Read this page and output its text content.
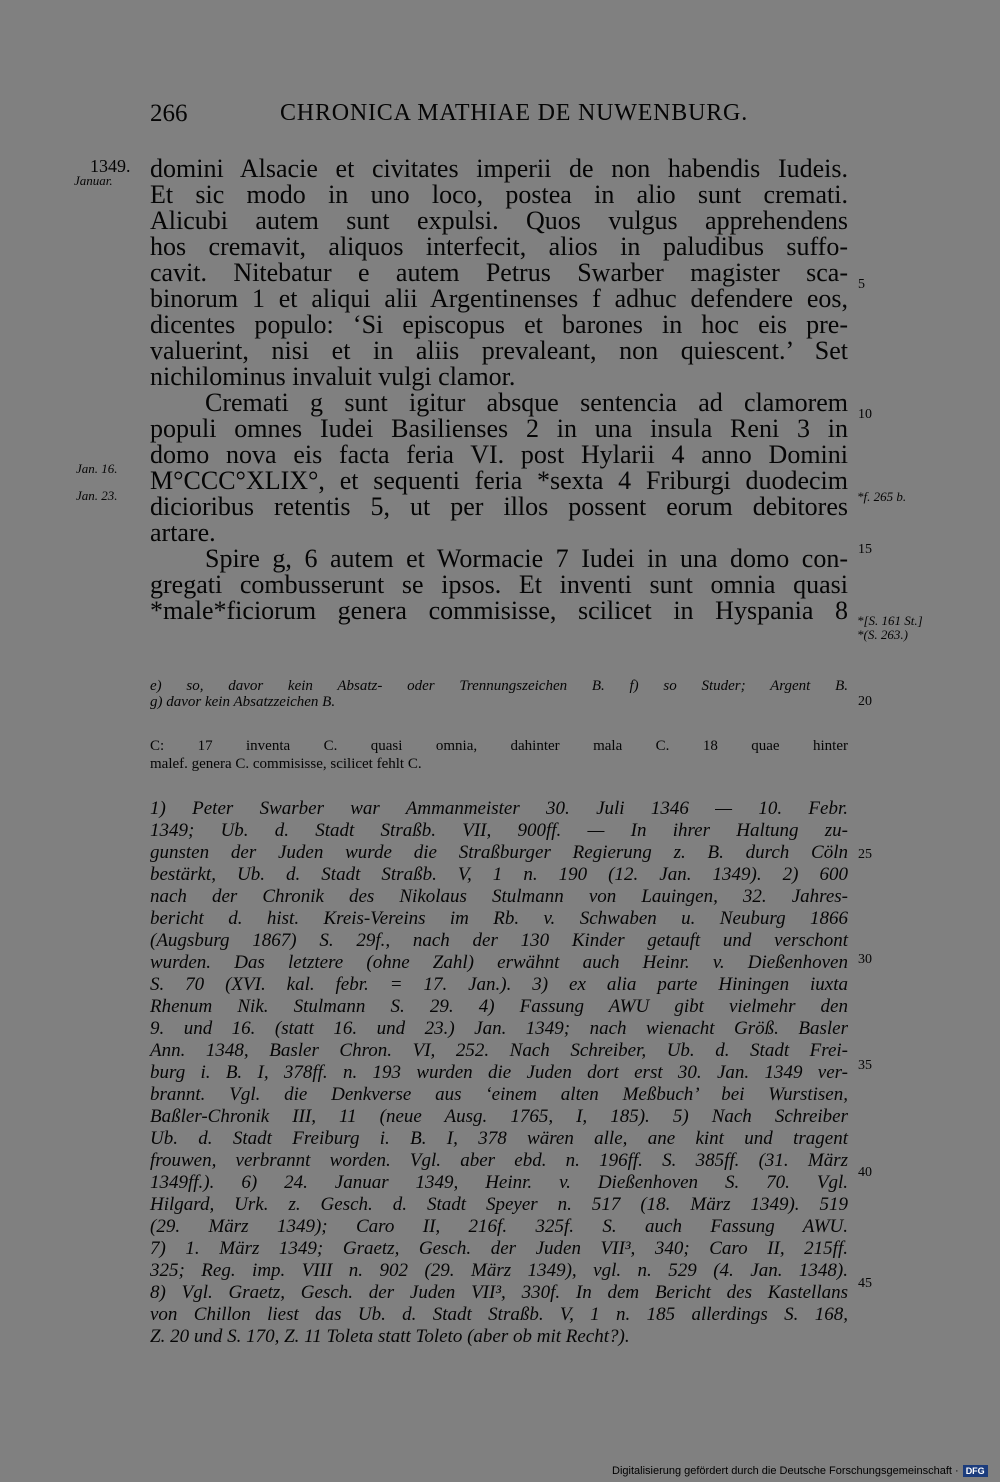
266	CHRONICA MATHIAE DE NUWENBURG.
1349.
Januar.
Jan. 16.
Jan. 23.
domini Alsacie et civitates imperii de non habendis Iudeis.
Et sic modo in uno loco, postea in alio sunt cremati.
Alicubi autem sunt expulsi. Quos vulgus apprehendens
hos cremavit, aliquos interfecit, alios in paludibus suffo-
cavit. Nitebatur e autem Petrus Swarber magister sca-
binorum 1 et aliqui alii Argentinenses f adhuc defendere eos,
dicentes populo: ‘Si episcopus et barones in hoc eis pre-
valuerint, nisi et in aliis prevaleant, non quiescent.’ Set
nichilominus invaluit vulgi clamor.
Cremati g sunt igitur absque sentencia ad clamorem
populi omnes Iudei Basilienses 2 in una insula Reni 3 in
domo nova eis facta feria VI. post Hylarii 4 anno Domini
M°CCC°XLIX°, et sequenti feria *sexta 4 Friburgi duodecim
dicioribus retentis 5, ut per illos possent eorum debitores
artare.
Spire g, 6 autem et Wormacie 7 Iudei in una domo con-
gregati combusserunt se ipsos. Et inventi sunt omnia quasi
*male*ficiorum genera commisisse, scilicet in Hyspania 8
5
10
15
20
25
30
35
40
45
*f. 265 b.
*[S. 161 St.]
*(S. 263.)
e) so, davor kein Absatz- oder Trennungszeichen B. f) so Studer; Argent B.
g) davor kein Absatzzeichen B.
C: 17 inventa C. quasi omnia, dahinter mala C. 18 quae hinter
malef. genera C. commisisse, scilicet fehlt C.
1) Peter Swarber war Ammanmeister 30. Juli 1346 — 10. Febr.
1349; Ub. d. Stadt Straßb. VII, 900ff. — In ihrer Haltung zu-
gunsten der Juden wurde die Straßburger Regierung z. B. durch Cöln
bestärkt, Ub. d. Stadt Straßb. V, 1 n. 190 (12. Jan. 1349). 2) 600
nach der Chronik des Nikolaus Stulmann von Lauingen, 32. Jahres-
bericht d. hist. Kreis-Vereins im Rb. v. Schwaben u. Neuburg 1866
(Augsburg 1867) S. 29f., nach der 130 Kinder getauft und verschont
wurden. Das letztere (ohne Zahl) erwähnt auch Heinr. v. Dießenhoven
S. 70 (XVI. kal. febr. = 17. Jan.). 3) ex alia parte Hiningen iuxta
Rhenum Nik. Stulmann S. 29. 4) Fassung AWU gibt vielmehr den
9. und 16. (statt 16. und 23.) Jan. 1349; nach wienacht Größ. Basler
Ann. 1348, Basler Chron. VI, 252. Nach Schreiber, Ub. d. Stadt Frei-
burg i. B. I, 378ff. n. 193 wurden die Juden dort erst 30. Jan. 1349 ver-
brannt. Vgl. die Denkverse aus ‘einem alten Meßbuch’ bei Wurstisen,
Baßler-Chronik III, 11 (neue Ausg. 1765, I, 185). 5) Nach Schreiber
Ub. d. Stadt Freiburg i. B. I, 378 wären alle, ane kint und tragent
frouwen, verbrannt worden. Vgl. aber ebd. n. 196ff. S. 385ff. (31. März
1349ff.). 6) 24. Januar 1349, Heinr. v. Dießenhoven S. 70. Vgl.
Hilgard, Urk. z. Gesch. d. Stadt Speyer n. 517 (18. März 1349). 519
(29. März 1349); Caro II, 216f. 325f. S. auch Fassung AWU.
7) 1. März 1349; Graetz, Gesch. der Juden VII³, 340; Caro II, 215ff.
325; Reg. imp. VIII n. 902 (29. März 1349), vgl. n. 529 (4. Jan. 1348).
8) Vgl. Graetz, Gesch. der Juden VII³, 330f. In dem Bericht des Kastellans
von Chillon liest das Ub. d. Stadt Straßb. V, 1 n. 185 allerdings S. 168,
Z. 20 und S. 170, Z. 11 Toleta statt Toleto (aber ob mit Recht?).
Digitalisierung gefördert durch die Deutsche Forschungsgemeinschaft · DFG
